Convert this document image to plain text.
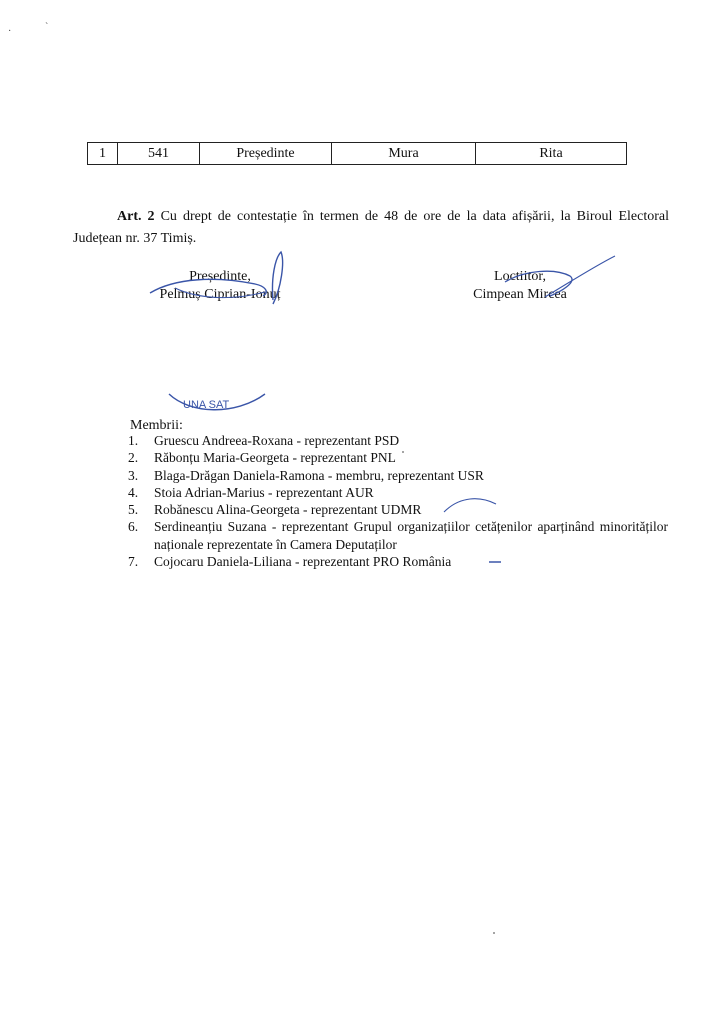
·	`
1	541	Președinte	Mura	Rita

Art. 2 Cu drept de contestație în termen de 48 de ore de la data afișării, la Biroul Electoral Județean nr. 37 Timiș.

Președinte,
Pelmuș Ciprian-Ionuț
Loctiitor,
Cimpean Mircea
UNA SAT

Membrii:

1. Gruescu Andreea-Roxana - reprezentant PSD
2. Răbonțu Maria-Georgeta - reprezentant PNL
3. Blaga-Drăgan Daniela-Ramona - membru, reprezentant USR
4. Stoia Adrian-Marius - reprezentant AUR
5. Robănescu Alina-Georgeta - reprezentant UDMR
6. Serdineanțiu Suzana - reprezentant Grupul organizațiilor cetățenilor aparținând minorităților naționale reprezentate în Camera Deputaților
7. Cojocaru Daniela-Liliana - reprezentant PRO România
